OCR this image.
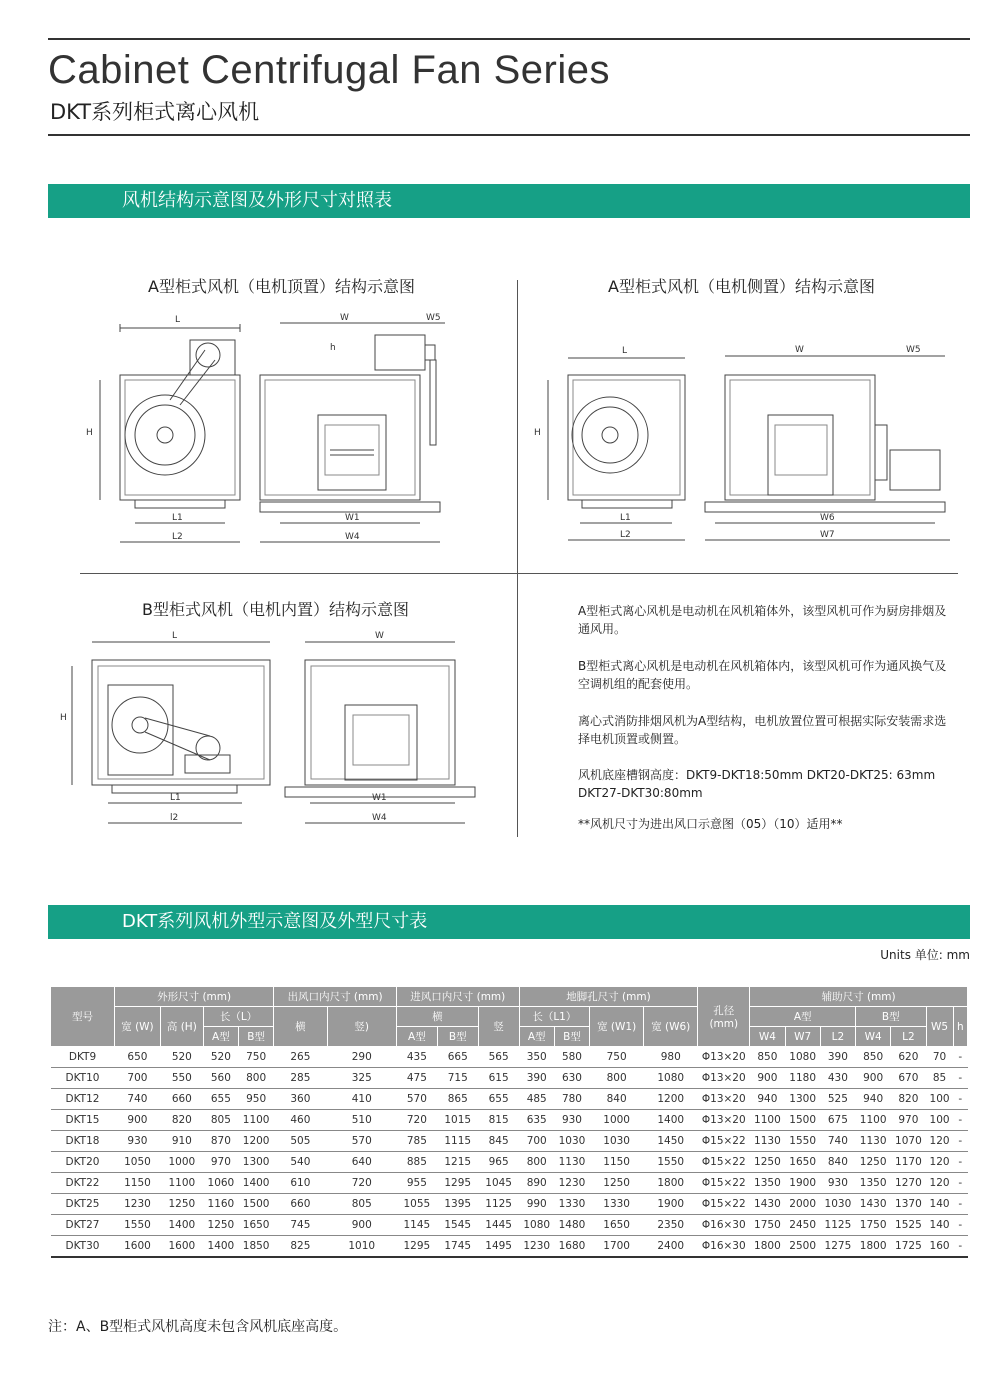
Cabinet Centrifugal Fan Series
DKT系列柜式离心风机
风机结构示意图及外形尺寸对照表
A型柜式风机（电机顶置）结构示意图	A型柜式风机（电机侧置）结构示意图
B型柜式风机（电机内置）结构示意图
L
H
W	W5
h
L1
L2
W1
W4
L
H
W	W5
L1
L2
W6
W7
L
H
W
L1
l2
W1
W4
A型柜式离心风机是电动机在风机箱体外，该型风机可作为厨房排烟及通风用。
B型柜式离心风机是电动机在风机箱体内，该型风机可作为通风换气及空调机组的配套使用。
离心式消防排烟风机为A型结构，电机放置位置可根据实际安装需求选择电机顶置或侧置。
风机底座槽钢高度：DKT9-DKT18:50mm DKT20-DKT25: 63mm DKT27-DKT30:80mm
**风机尺寸为进出风口示意图（05）（10）适用**
DKT系列风机外型示意图及外型尺寸表
Units 单位: mm
型号	外形尺寸 (mm)				出风口内尺寸 (mm)		进风口内尺寸 (mm)			地脚孔尺寸 (mm)				孔径 (mm)	辅助尺寸 (mm)						
	宽 (W)	高 (H)	长（L）		横	竖)	横		竖	长（L1）		宽 (W1)	宽 (W6)		A型			B型		W5	h
			A型	B型			A型	B型		A型	B型				W4	W7	L2	W4	L2		
DKT9	650	520	520	750	265	290	435	665	565	350	580	750	980	Φ13×20	850	1080	390	850	620	70	-
DKT10	700	550	560	800	285	325	475	715	615	390	630	800	1080	Φ13×20	900	1180	430	900	670	85	-
DKT12	740	660	655	950	360	410	570	865	655	485	780	840	1200	Φ13×20	940	1300	525	940	820	100	-
DKT15	900	820	805	1100	460	510	720	1015	815	635	930	1000	1400	Φ13×20	1100	1500	675	1100	970	100	-
DKT18	930	910	870	1200	505	570	785	1115	845	700	1030	1030	1450	Φ15×22	1130	1550	740	1130	1070	120	-
DKT20	1050	1000	970	1300	540	640	885	1215	965	800	1130	1150	1550	Φ15×22	1250	1650	840	1250	1170	120	-
DKT22	1150	1100	1060	1400	610	720	955	1295	1045	890	1230	1250	1800	Φ15×22	1350	1900	930	1350	1270	120	-
DKT25	1230	1250	1160	1500	660	805	1055	1395	1125	990	1330	1330	1900	Φ15×22	1430	2000	1030	1430	1370	140	-
DKT27	1550	1400	1250	1650	745	900	1145	1545	1445	1080	1480	1650	2350	Φ16×30	1750	2450	1125	1750	1525	140	-
DKT30	1600	1600	1400	1850	825	1010	1295	1745	1495	1230	1680	1700	2400	Φ16×30	1800	2500	1275	1800	1725	160	-
注：A、B型柜式风机高度未包含风机底座高度。
